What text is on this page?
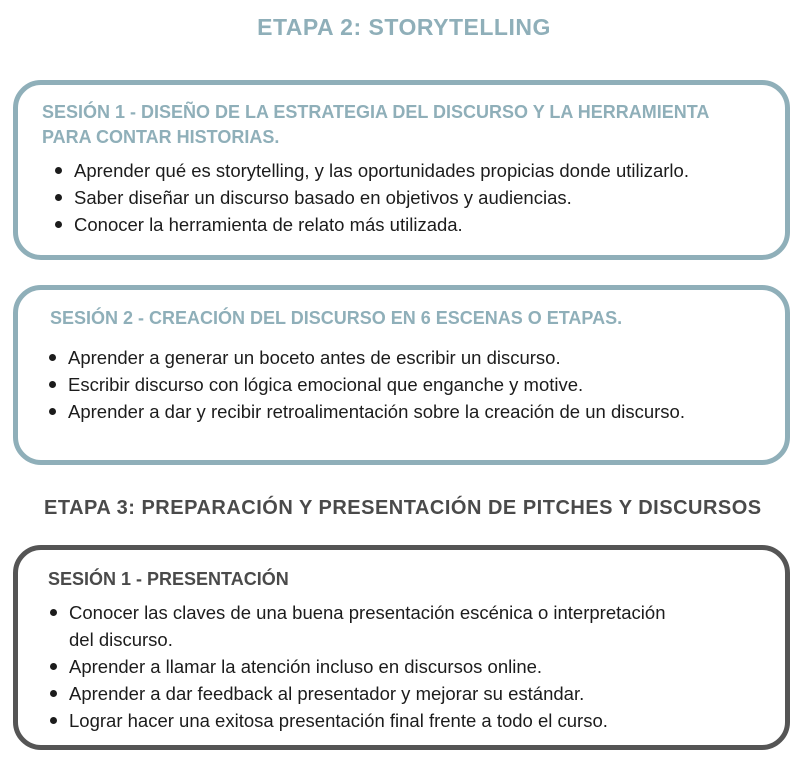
ETAPA 2: STORYTELLING
SESIÓN 1 - DISEÑO DE LA ESTRATEGIA DEL DISCURSO Y LA HERRAMIENTA PARA CONTAR HISTORIAS.
Aprender qué es storytelling, y las oportunidades propicias donde utilizarlo.
Saber diseñar un discurso basado en objetivos y audiencias.
Conocer la herramienta de relato más utilizada.
SESIÓN 2 - CREACIÓN DEL DISCURSO EN 6 ESCENAS O ETAPAS.
Aprender a generar un boceto antes de escribir un discurso.
Escribir discurso con lógica emocional que enganche y motive.
Aprender a dar y recibir retroalimentación sobre la creación de un discurso.
ETAPA 3: PREPARACIÓN Y PRESENTACIÓN DE PITCHES Y DISCURSOS
SESIÓN 1 - PRESENTACIÓN
Conocer las claves de una buena presentación escénica o interpretación del discurso.
Aprender a llamar la atención incluso en discursos online.
Aprender a dar feedback al presentador y mejorar su estándar.
Lograr hacer una exitosa presentación final frente a todo el curso.
